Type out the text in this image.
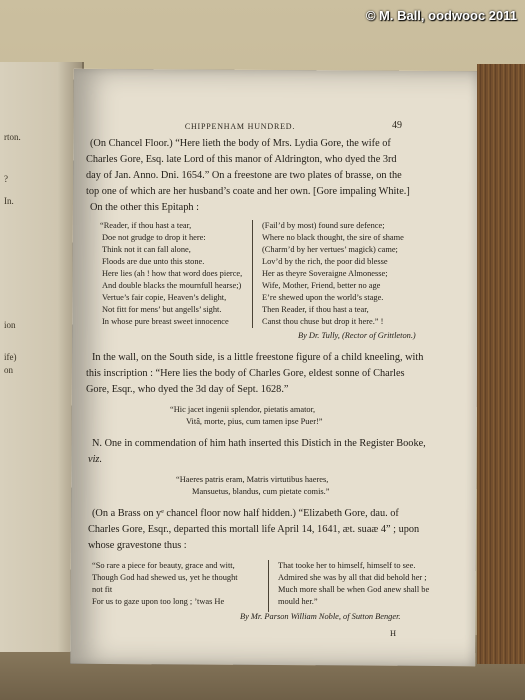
rton.
?
In.
ion
ife)
on
© M. Ball, oodwooc 2011
CHIPPENHAM HUNDRED.	49
(On Chancel Floor.) “Here lieth the body of Mrs. Lydia Gore, the wife of
Charles Gore, Esq. late Lord of this manor of Aldrington, who dyed the 3rd
day of Jan. Anno. Dni. 1654.” On a freestone are two plates of brasse, on the
top one of which are her husband’s coate and her own. [Gore impaling White.]
On the other this Epitaph :
“Reader, if thou hast a tear,
Doe not grudge to drop it here:
Think not it can fall alone,
Floods are due unto this stone.
Here lies (ah ! how that word does pierce,
And double blacks the mournfull hearse;)
Vertue’s fair copie, Heaven’s delight,
Not fitt for mens’ but angells’ sight.
In whose pure breast sweet innocence
(Fail’d by most) found sure defence;
Where no black thought, the sire of shame
(Charm’d by her vertues’ magick) came;
Lov’d by the rich, the poor did blesse
Her as theyre Soveraigne Almonesse;
Wife, Mother, Friend, better no age
E’re shewed upon the world’s stage.
Then Reader, if thou hast a tear,
Canst thou chuse but drop it here.” !
By Dr. Tully, (Rector of Grittleton.)
In the wall, on the South side, is a little freestone figure of a child kneeling, with
this inscription : “Here lies the body of Charles Gore, eldest sonne of Charles
Gore, Esqr., who dyed the 3d day of Sept. 1628.”
“Hic jacet ingenii splendor, pietatis amator,
Vitâ, morte, pius, cum tamen ipse Puer!”
N. One in commendation of him hath inserted this Distich in the Register Booke,
viz.
“Haeres patris eram, Matris virtutibus haeres,
Mansuetus, blandus, cum pietate comis.”
(On a Brass on yᵉ chancel floor now half hidden.) “Elizabeth Gore, dau. of
Charles Gore, Esqr., departed this mortall life April 14, 1641, æt. suaæ 4” ; upon
whose gravestone thus :
“So rare a piece for beauty, grace and witt,
Though God had shewed us, yet he thought
not fit
For us to gaze upon too long ; ’twas He
That tooke her to himself, himself to see.
Admired she was by all that did behold her ;
Much more shall be when God anew shall be
mould her.”
By Mr. Parson William Noble, of Sutton Benger.
H
